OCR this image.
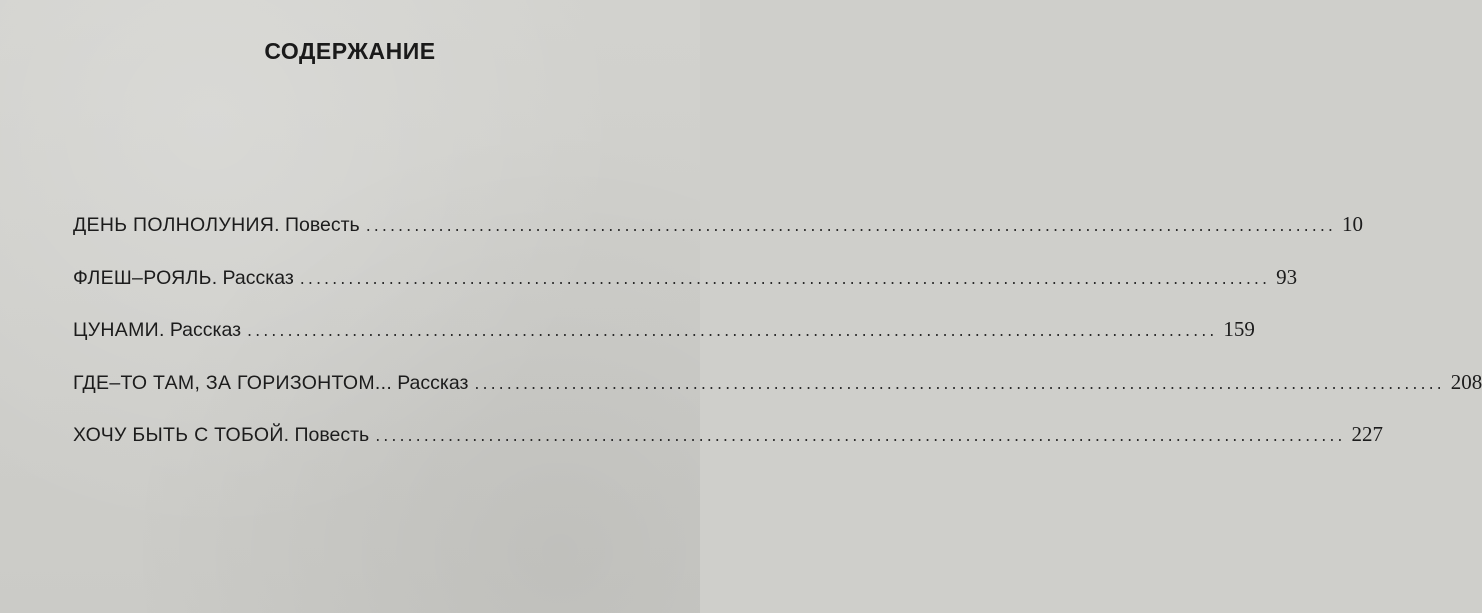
СОДЕРЖАНИЕ
ДЕНЬ ПОЛНОЛУНИЯ. Повесть ........................................................................................................................ 10
ФЛЕШ–РОЯЛЬ. Рассказ ........................................................................................................................ 93
ЦУНАМИ. Рассказ ........................................................................................................................ 159
ГДЕ–ТО ТАМ, ЗА ГОРИЗОНТОМ... Рассказ ........................................................................................................................ 208
ХОЧУ БЫТЬ С ТОБОЙ. Повесть ........................................................................................................................ 227
